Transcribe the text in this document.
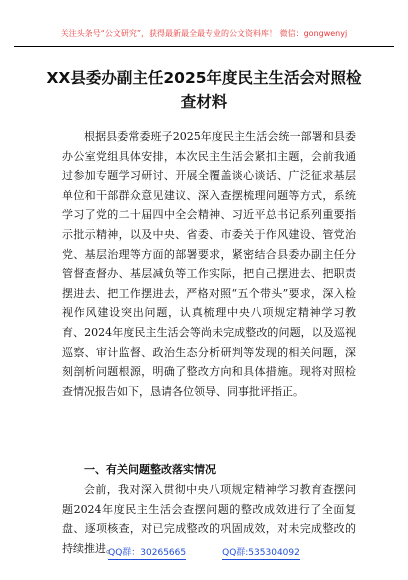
关注头条号“公文研究”，获得最新最全最专业的公文资料库！ 微信：gongwenyj
XX县委办副主任2025年度民主生活会对照检查材料

根据县委常委班子2025年度民主生活会统一部署和县委办公室党组具体安排，本次民主生活会紧扣主题，会前我通过参加专题学习研讨、开展全覆盖谈心谈话、广泛征求基层单位和干部群众意见建议、深入查摆梳理问题等方式，系统学习了党的二十届四中全会精神、习近平总书记系列重要指示批示精神，以及中央、省委、市委关于作风建设、管党治党、基层治理等方面的部署要求，紧密结合县委办副主任分管督查督办、基层减负等工作实际，把自己摆进去、把职责摆进去、把工作摆进去，严格对照“五个带头”要求，深入检视作风建设突出问题，认真梳理中央八项规定精神学习教育、2024年度民主生活会等尚未完成整改的问题，以及巡视巡察、审计监督、政治生态分析研判等发现的相关问题，深刻剖析问题根源，明确了整改方向和具体措施。现将对照检查情况报告如下，恳请各位领导、同事批评指正。

一、有关问题整改落实情况

会前，我对深入贯彻中央八项规定精神学习教育查摆问题2024年度民主生活会查摆问题的整改成效进行了全面复盘、逐项核查，对已完成整改的巩固成效，对未完成整改的持续推进。

QQ群：30265665	QQ群:535304092
